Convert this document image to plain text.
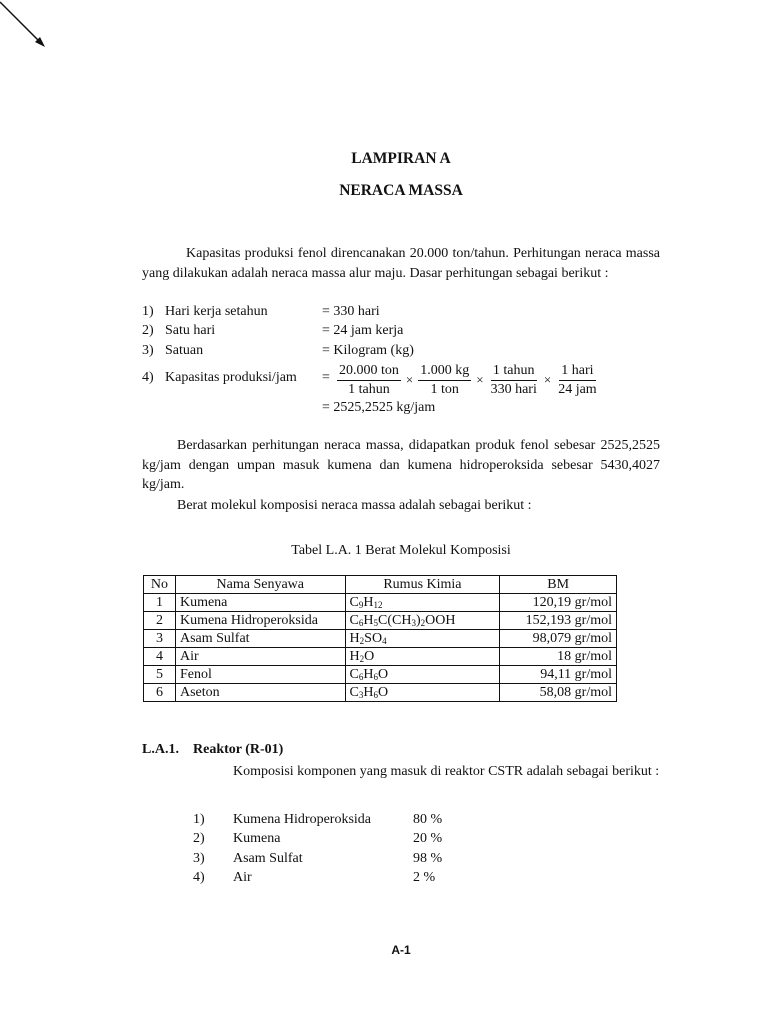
LAMPIRAN A
NERACA MASSA
Kapasitas produksi fenol direncanakan 20.000 ton/tahun. Perhitungan neraca massa yang dilakukan adalah neraca massa alur maju. Dasar perhitungan sebagai berikut :
1) Hari kerja setahun	= 330 hari
2) Satu hari	= 24 jam kerja
3) Satuan	= Kilogram (kg)
4) Kapasitas produksi/jam = $\frac{\text{20.000 ton}}{\text{1 tahun}} \times \frac{1.000 kg}{\text{1 ton}} \times \frac{\text{1 tahun}}{\text{330 hari}} \times \frac{\text{1 hari}}{\text{24 jam}}$
= 2525,2525 kg/jam
Berdasarkan perhitungan neraca massa, didapatkan produk fenol sebesar 2525,2525 kg/jam dengan umpan masuk kumena dan kumena hidroperoksida sebesar 5430,4027 kg/jam.
Berat molekul komposisi neraca massa adalah sebagai berikut :
Tabel L.A. 1 Berat Molekul Komposisi
No	Nama Senyawa	Rumus Kimia	BM
1	Kumena	$C_9H_{12}$	120,19 gr/mol
2	Kumena Hidroperoksida	$C_6H_5C(CH_3)_2OOH$	152,193 gr/mol
3	Asam Sulfat	$H_2SO_4$	98,079 gr/mol
4	Air	$H_2O$	18 gr/mol
5	Fenol	$C_6H_6O$	94,11 gr/mol
6	Aseton	$C_3H_6O$	58,08 gr/mol
L.A.1. Reaktor (R-01)
Komposisi komponen yang masuk di reaktor CSTR adalah sebagai berikut :
1) Kumena Hidroperoksida	80 %
2) Kumena	20 %
3) Asam Sulfat	98 %
4) Air	2 %
A-1
